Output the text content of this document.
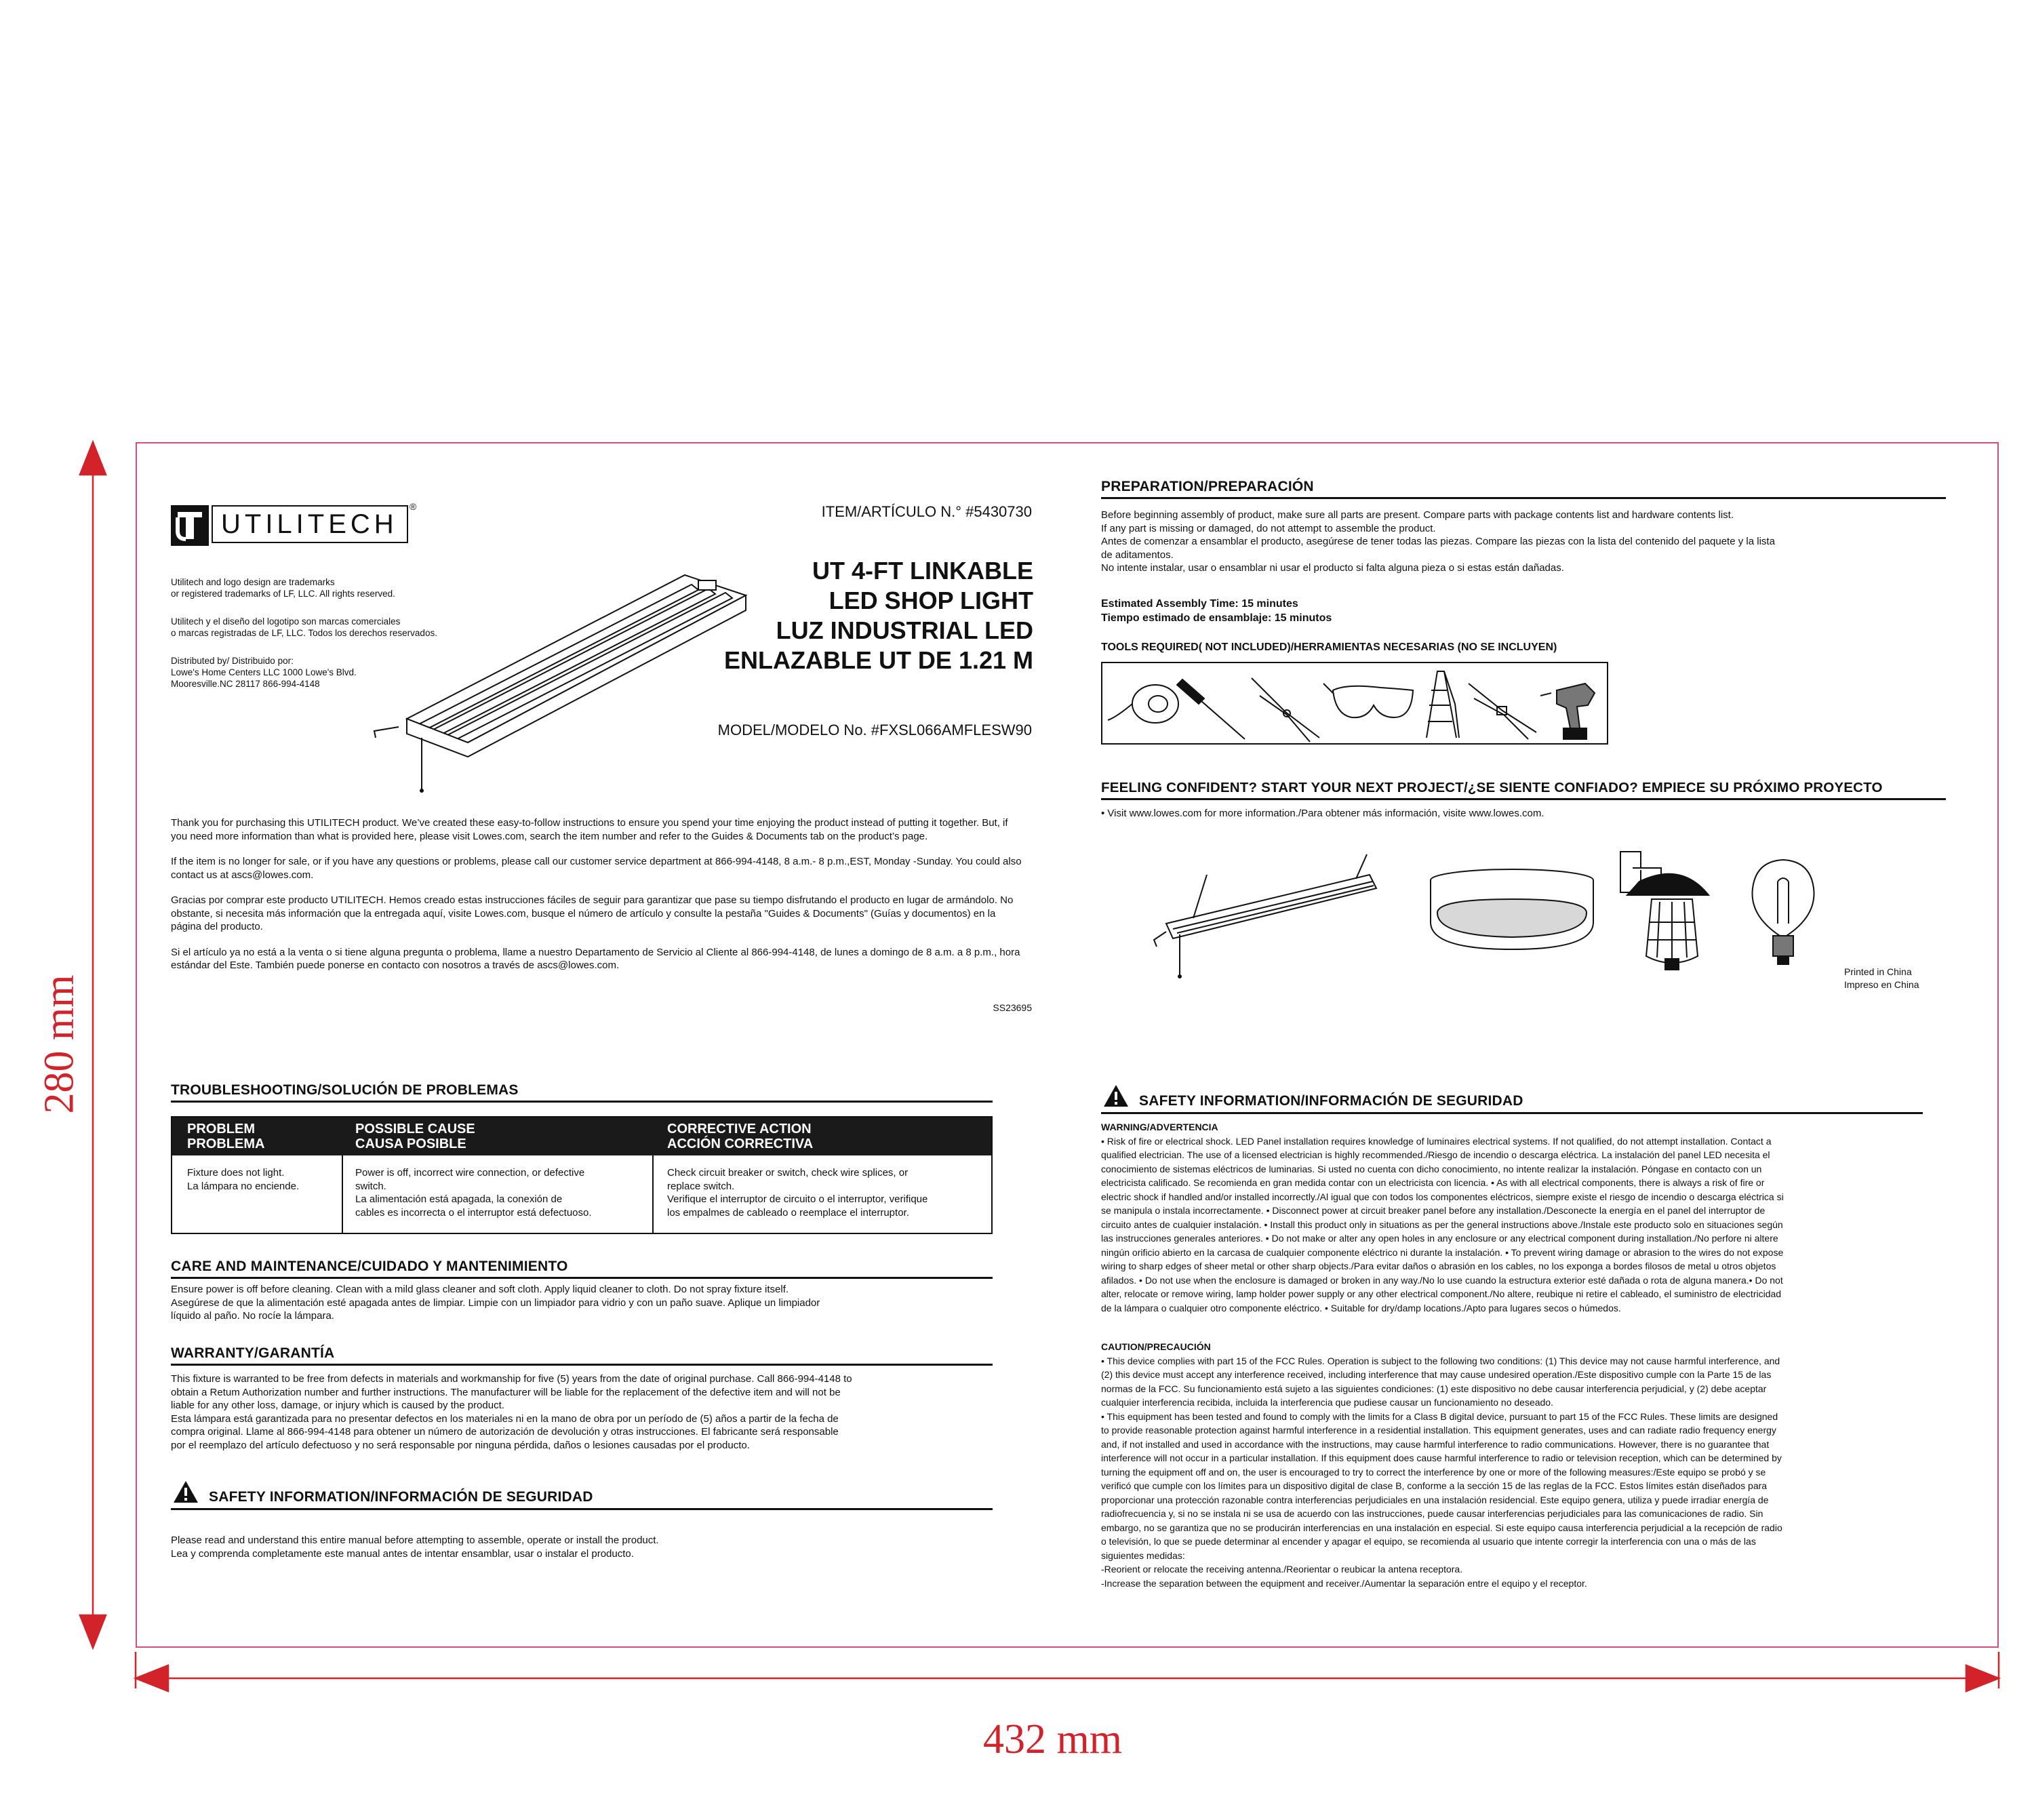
280 mm
432 mm
UTILITECH
®

Utilitech and logo design are trademarks

or registered trademarks of LF, LLC. All rights reserved.

Utilitech y el diseño del logotipo son marcas comerciales

o marcas registradas de LF, LLC. Todos los derechos reservados.

Distributed by/ Distribuido por:

Lowe's Home Centers LLC 1000 Lowe's Blvd.

Mooresville.NC 28117 866-994-4148

ITEM/ARTÍCULO N.° #5430730

UT 4-FT LINKABLE

LED SHOP LIGHT

LUZ INDUSTRIAL LED

ENLAZABLE UT DE 1.21 M

MODEL/MODELO No. #FXSL066AMFLESW90

Thank you for purchasing this UTILITECH product. We’ve created these easy-to-follow instructions to ensure you spend your time enjoying the product instead of putting it together. But, if you need more information than what is provided here, please visit Lowes.com, search the item number and refer to the Guides & Documents tab on the product’s page.

If the item is no longer for sale, or if you have any questions or problems, please call our customer service department at 866-994-4148, 8 a.m.- 8 p.m.,EST, Monday -Sunday. You could also contact us at ascs@lowes.com.

Gracias por comprar este producto UTILITECH. Hemos creado estas instrucciones fáciles de seguir para garantizar que pase su tiempo disfrutando el producto en lugar de armándolo. No obstante, si necesita más información que la entregada aquí, visite Lowes.com, busque el número de artículo y consulte la pestaña "Guides & Documents" (Guías y documentos) en la página del producto.

Si el artículo ya no está a la venta o si tiene alguna pregunta o problema, llame a nuestro Departamento de Servicio al Cliente al 866-994-4148, de lunes a domingo de 8 a.m. a 8 p.m., hora estándar del Este. También puede ponerse en contacto con nosotros a través de ascs@lowes.com.

SS23695
TROUBLESHOOTING/SOLUCIÓN DE PROBLEMAS

PROBLEM

PROBLEMA

POSSIBLE CAUSE

CAUSA POSIBLE

CORRECTIVE ACTION

ACCIÓN CORRECTIVA

Fixture does not light.

La lámpara no enciende.

Power is off, incorrect wire connection, or defective

switch.

La alimentación está apagada, la conexión de

cables es incorrecta o el interruptor está defectuoso.

Check circuit breaker or switch, check wire splices, or

replace switch.

Verifique el interruptor de circuito o el interruptor, verifique

los empalmes de cableado o reemplace el interruptor.

CARE AND MAINTENANCE/CUIDADO Y MANTENIMIENTO

Ensure power is off before cleaning. Clean with a mild glass cleaner and soft cloth. Apply liquid cleaner to cloth. Do not spray fixture itself.

Asegúrese de que la alimentación esté apagada antes de limpiar. Limpie con un limpiador para vidrio y con un paño suave. Aplique un limpiador

líquido al paño. No rocíe la lámpara.

WARRANTY/GARANTÍA

This fixture is warranted to be free from defects in materials and workmanship for five (5) years from the date of original purchase. Call 866-994-4148 to

obtain a Retum Authorization number and further instructions. The manufacturer will be liable for the replacement of the defective item and will not be

liable for any other loss, damage, or injury which is caused by the product.

Esta lámpara está garantizada para no presentar defectos en los materiales ni en la mano de obra por un período de (5) años a partir de la fecha de

compra original. Llame al 866-994-4148 para obtener un número de autorización de devolución y otras instrucciones. El fabricante será responsable

por el reemplazo del artículo defectuoso y no será responsable por ninguna pérdida, daños o lesiones causadas por el producto.

SAFETY INFORMATION/INFORMACIÓN DE SEGURIDAD

Please read and understand this entire manual before attempting to assemble, operate or install the product.

Lea y comprenda completamente este manual antes de intentar ensamblar, usar o instalar el producto.

PREPARATION/PREPARACIÓN

Before beginning assembly of product, make sure all parts are present. Compare parts with package contents list and hardware contents list.

If any part is missing or damaged, do not attempt to assemble the product.

Antes de comenzar a ensamblar el producto, asegúrese de tener todas las piezas. Compare las piezas con la lista del contenido del paquete y la lista

de aditamentos.

No intente instalar, usar o ensamblar ni usar el producto si falta alguna pieza o si estas están dañadas.

Estimated Assembly Time: 15 minutes

Tiempo estimado de ensamblaje: 15 minutos

TOOLS REQUIRED( NOT INCLUDED)/HERRAMIENTAS NECESARIAS (NO SE INCLUYEN)
FEELING CONFIDENT? START YOUR NEXT PROJECT/¿SE SIENTE CONFIADO? EMPIECE SU PRÓXIMO PROYECTO
• Visit www.lowes.com for more information./Para obtener más información, visite www.lowes.com.

Printed in China

Impreso en China

SAFETY INFORMATION/INFORMACIÓN DE SEGURIDAD

WARNING/ADVERTENCIA

• Risk of fire or electrical shock. LED Panel installation requires knowledge of luminaires electrical systems. If not qualified, do not attempt installation. Contact a

qualified electrician. The use of a licensed electrician is highly recommended./Riesgo de incendio o descarga eléctrica. La instalación del panel LED necesita el

conocimiento de sistemas eléctricos de luminarias. Si usted no cuenta con dicho conocimiento, no intente realizar la instalación. Póngase en contacto con un

electricista calificado. Se recomienda en gran medida contar con un electricista con licencia. • As with all electrical components, there is always a risk of fire or

electric shock if handled and/or installed incorrectly./Al igual que con todos los componentes eléctricos, siempre existe el riesgo de incendio o descarga eléctrica si

se manipula o instala incorrectamente. • Disconnect power at circuit breaker panel before any installation./Desconecte la energía en el panel del interruptor de

circuito antes de cualquier instalación. • Install this product only in situations as per the general instructions above./Instale este producto solo en situaciones según

las instrucciones generales anteriores. • Do not make or alter any open holes in any enclosure or any electrical component during installation./No perfore ni altere

ningún orificio abierto en la carcasa de cualquier componente eléctrico ni durante la instalación. • To prevent wiring damage or abrasion to the wires do not expose

wiring to sharp edges of sheer metal or other sharp objects./Para evitar daños o abrasión en los cables, no los exponga a bordes filosos de metal u otros objetos

afilados. • Do not use when the enclosure is damaged or broken in any way./No lo use cuando la estructura exterior esté dañada o rota de alguna manera.• Do not

alter, relocate or remove wiring, lamp holder power supply or any other electrical component./No altere, reubique ni retire el cableado, el suministro de electricidad

de la lámpara o cualquier otro componente eléctrico. • Suitable for dry/damp locations./Apto para lugares secos o húmedos.

CAUTION/PRECAUCIÓN

• This device complies with part 15 of the FCC Rules. Operation is subject to the following two conditions: (1) This device may not cause harmful interference, and

(2) this device must accept any interference received, including interference that may cause undesired operation./Este dispositivo cumple con la Parte 15 de las

normas de la FCC. Su funcionamiento está sujeto a las siguientes condiciones: (1) este dispositivo no debe causar interferencia perjudicial, y (2) debe aceptar

cualquier interferencia recibida, incluida la interferencia que pudiese causar un funcionamiento no deseado.

• This equipment has been tested and found to comply with the limits for a Class B digital device, pursuant to part 15 of the FCC Rules. These limits are designed

to provide reasonable protection against harmful interference in a residential installation. This equipment generates, uses and can radiate radio frequency energy

and, if not installed and used in accordance with the instructions, may cause harmful interference to radio communications. However, there is no guarantee that

interference will not occur in a particular installation. If this equipment does cause harmful interference to radio or television reception, which can be determined by

turning the equipment off and on, the user is encouraged to try to correct the interference by one or more of the following measures:/Este equipo se probó y se

verificó que cumple con los límites para un dispositivo digital de clase B, conforme a la sección 15 de las reglas de la FCC. Estos límites están diseñados para

proporcionar una protección razonable contra interferencias perjudiciales en una instalación residencial. Este equipo genera, utiliza y puede irradiar energía de

radiofrecuencia y, si no se instala ni se usa de acuerdo con las instrucciones, puede causar interferencias perjudiciales para las comunicaciones de radio. Sin

embargo, no se garantiza que no se producirán interferencias en una instalación en especial. Si este equipo causa interferencia perjudicial a la recepción de radio

o televisión, lo que se puede determinar al encender y apagar el equipo, se recomienda al usuario que intente corregir la interferencia con una o más de las

siguientes medidas:

-Reorient or relocate the receiving antenna./Reorientar o reubicar la antena receptora.

-Increase the separation between the equipment and receiver./Aumentar la separación entre el equipo y el receptor.
